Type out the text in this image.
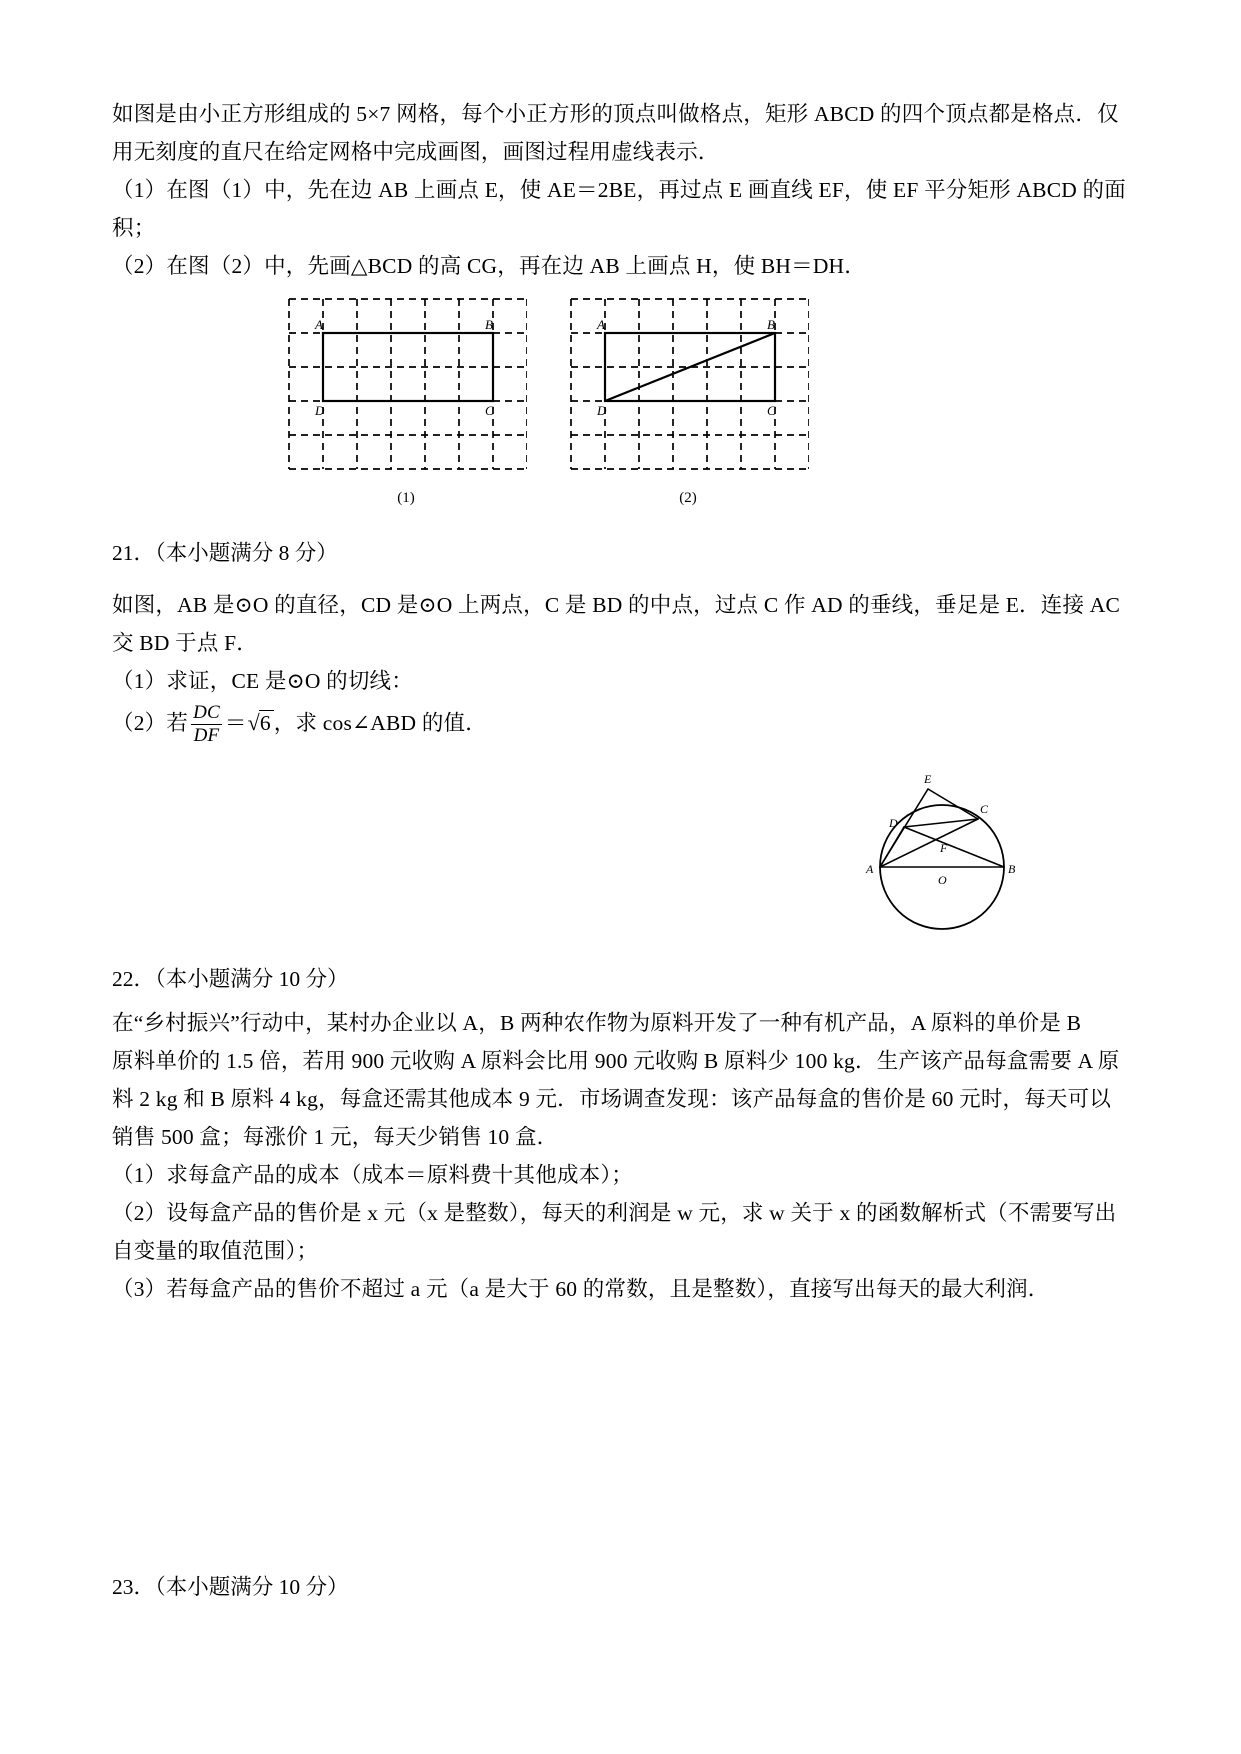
如图是由小正方形组成的 5×7 网格，每个小正方形的顶点叫做格点，矩形 ABCD 的四个顶点都是格点．仅
用无刻度的直尺在给定网格中完成画图，画图过程用虚线表示．
（1）在图（1）中，先在边 AB 上画点 E，使 AE＝2BE，再过点 E 画直线 EF，使 EF 平分矩形 ABCD 的面
积；
（2）在图（2）中，先画△BCD 的高 CG，再在边 AB 上画点 H，使 BH＝DH．
A	B
C
D
(1)
A	B
C
D
(2)
21．（本小题满分 8 分）
如图，AB 是⊙O 的直径，CD 是⊙O 上两点，C 是 BD 的中点，过点 C 作 AD 的垂线，垂足是 E．连接 AC
交 BD 于点 F．
（1）求证，CE 是⊙O 的切线：
（2）若 $\frac{DC}{DF} =√6$ ，求 cos∠ABD 的值．
E
C
D
F
A
O
B
22．（本小题满分 10 分）
在“乡村振兴”行动中，某村办企业以 A，B 两种农作物为原料开发了一种有机产品，A 原料的单价是 B
原料单价的 1.5 倍，若用 900 元收购 A 原料会比用 900 元收购 B 原料少 100 kg．生产该产品每盒需要 A 原
料 2 kg 和 B 原料 4 kg，每盒还需其他成本 9 元．市场调查发现：该产品每盒的售价是 60 元时，每天可以
销售 500 盒；每涨价 1 元，每天少销售 10 盒．
（1）求每盒产品的成本（成本＝原料费十其他成本）；
（2）设每盒产品的售价是 x 元（x 是整数），每天的利润是 w 元，求 w 关于 x 的函数解析式（不需要写出
自变量的取值范围）；
（3）若每盒产品的售价不超过 a 元（a 是大于 60 的常数，且是整数），直接写出每天的最大利润．
23．（本小题满分 10 分）
